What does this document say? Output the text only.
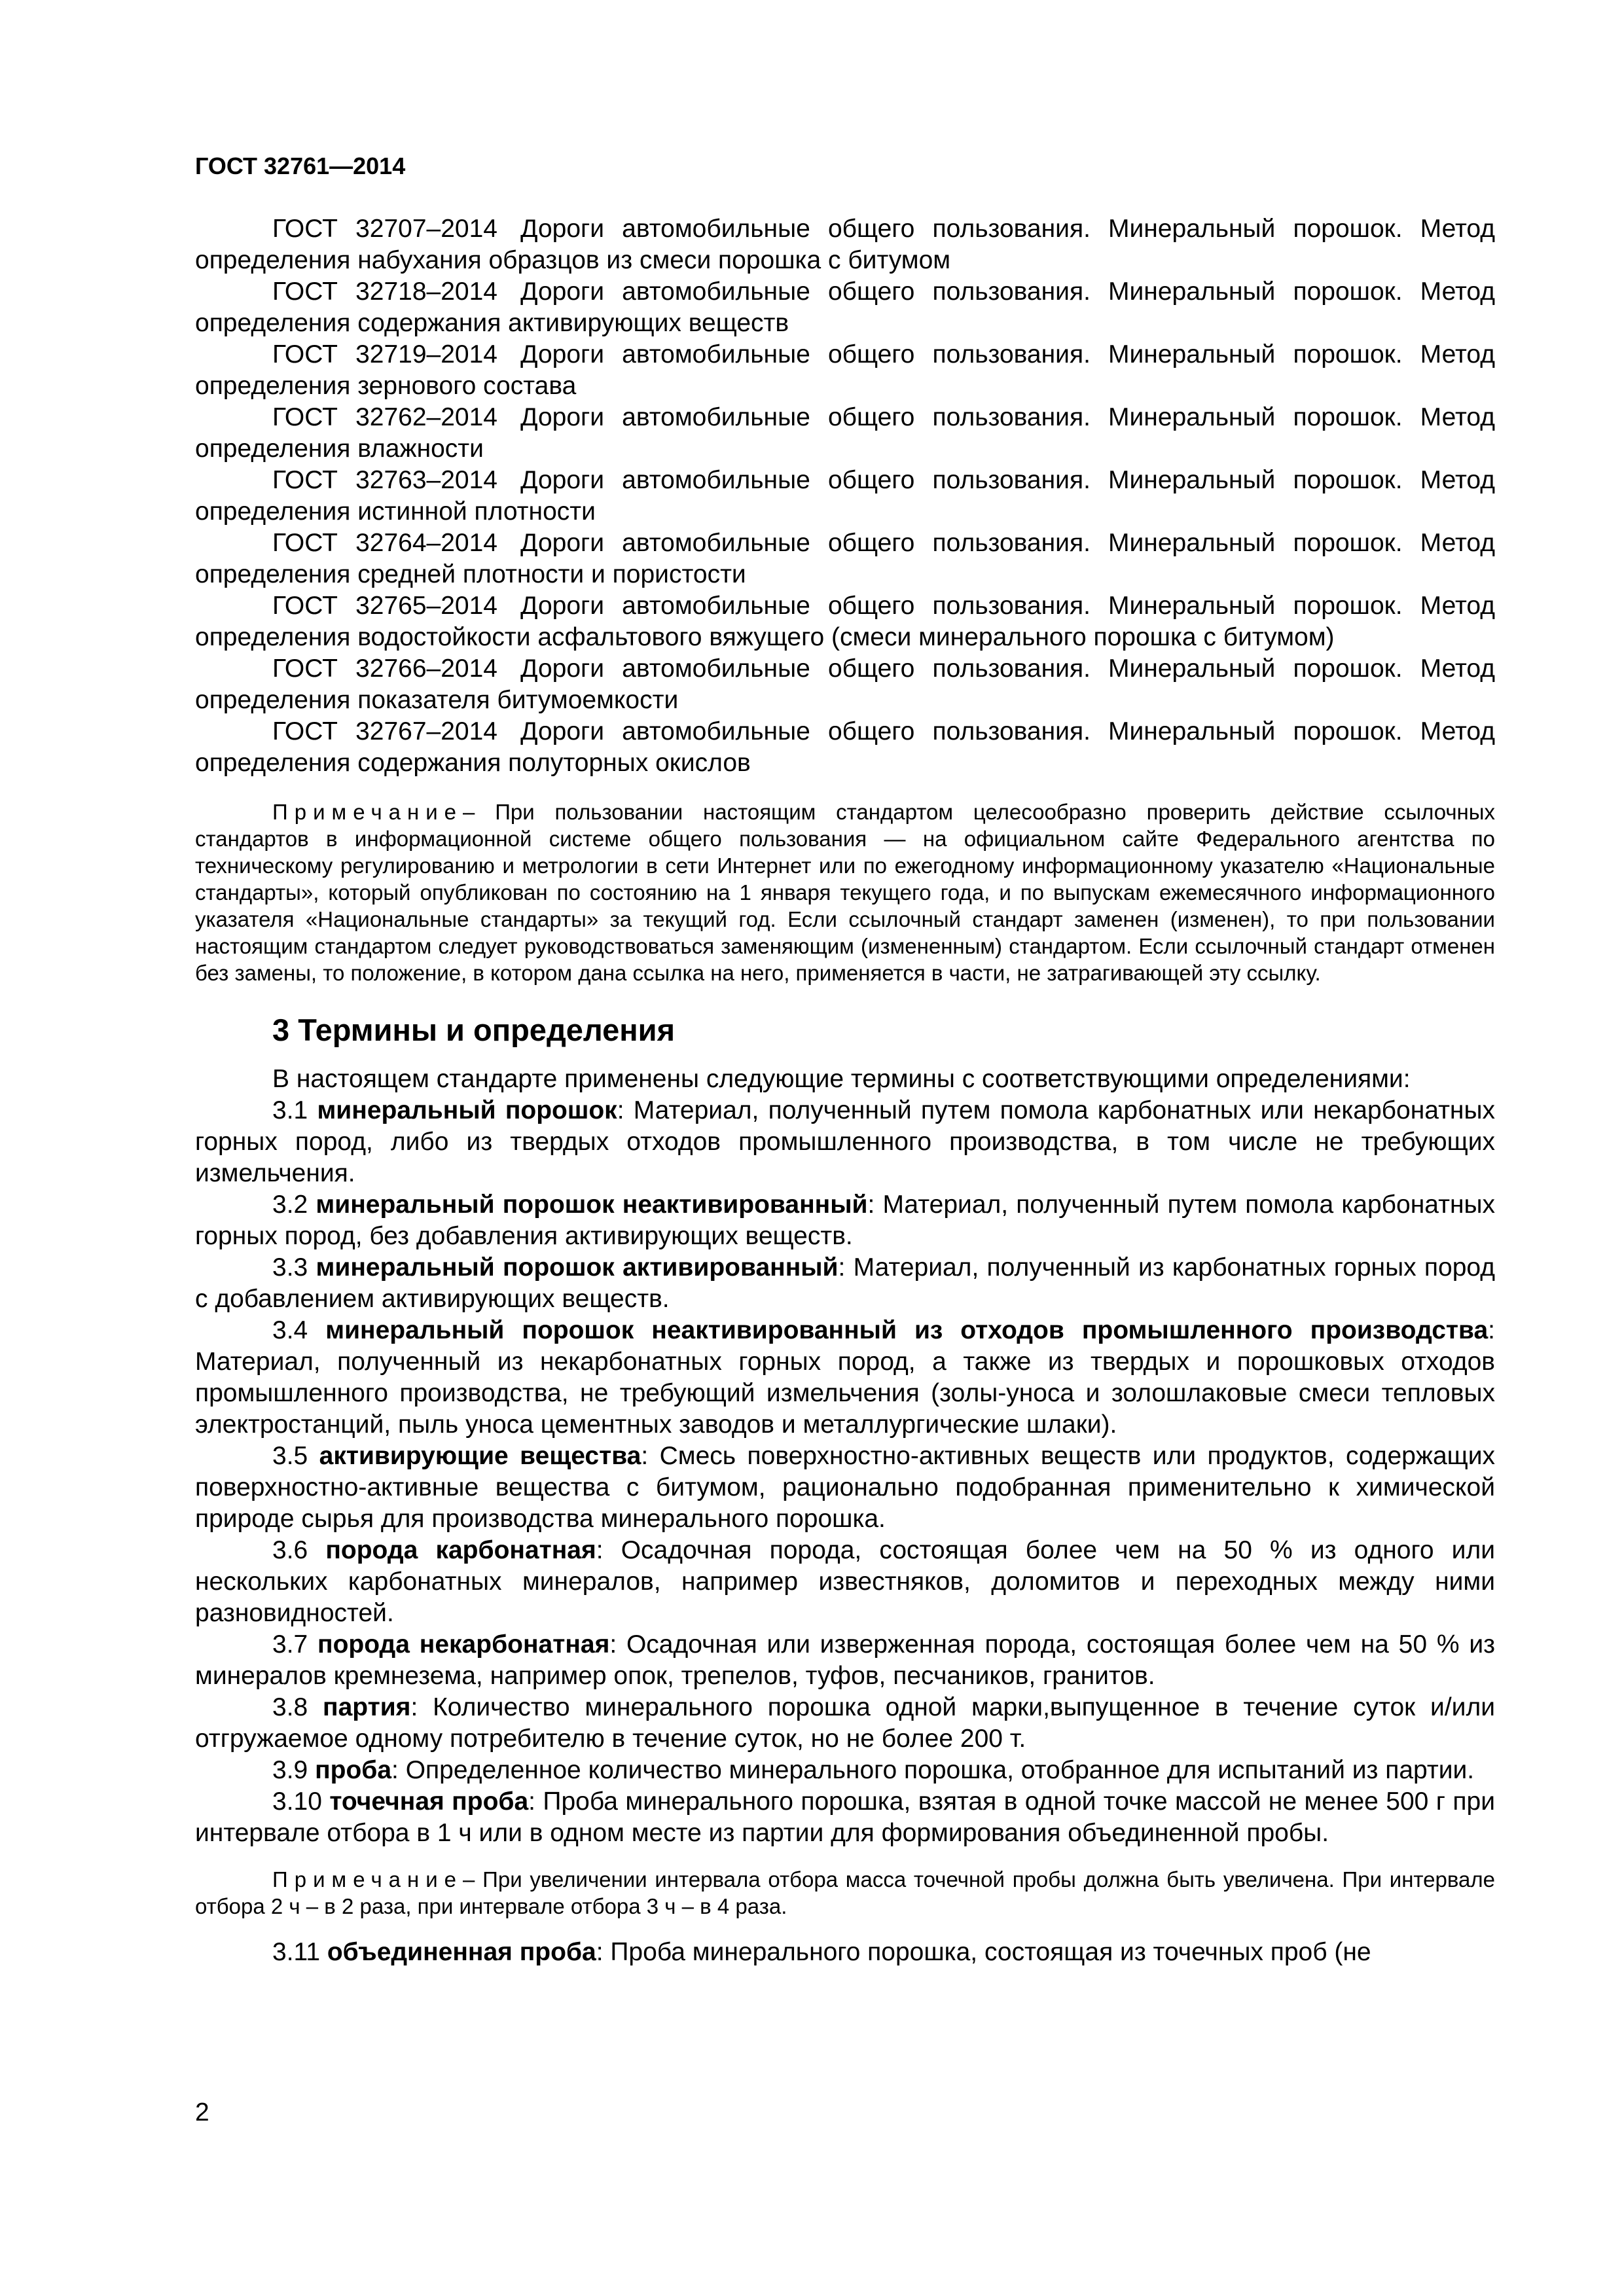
ГОСТ 32761—2014

ГОСТ 32707–2014 Дороги автомобильные общего пользования. Минеральный порошок. Метод определения набухания образцов из смеси порошка с битумом

ГОСТ 32718–2014 Дороги автомобильные общего пользования. Минеральный порошок. Метод определения содержания активирующих веществ

ГОСТ 32719–2014 Дороги автомобильные общего пользования. Минеральный порошок. Метод определения зернового состава

ГОСТ 32762–2014 Дороги автомобильные общего пользования. Минеральный порошок. Метод определения влажности

ГОСТ 32763–2014 Дороги автомобильные общего пользования. Минеральный порошок. Метод определения истинной плотности

ГОСТ 32764–2014 Дороги автомобильные общего пользования. Минеральный порошок. Метод определения средней плотности и пористости

ГОСТ 32765–2014 Дороги автомобильные общего пользования. Минеральный порошок. Метод определения водостойкости асфальтового вяжущего (смеси минерального порошка с битумом)

ГОСТ 32766–2014 Дороги автомобильные общего пользования. Минеральный порошок. Метод определения показателя битумоемкости

ГОСТ 32767–2014 Дороги автомобильные общего пользования. Минеральный порошок. Метод определения содержания полуторных окислов

Примечание– При пользовании настоящим стандартом целесообразно проверить действие ссылочных стандартов в информационной системе общего пользования — на официальном сайте Федерального агентства по техническому регулированию и метрологии в сети Интернет или по ежегодному информационному указателю «Национальные стандарты», который опубликован по состоянию на 1 января текущего года, и по выпускам ежемесячного информационного указателя «Национальные стандарты» за текущий год. Если ссылочный стандарт заменен (изменен), то при пользовании настоящим стандартом следует руководствоваться заменяющим (измененным) стандартом. Если ссылочный стандарт отменен без замены, то положение, в котором дана ссылка на него, применяется в части, не затрагивающей эту ссылку.

3 Термины и определения

В настоящем стандарте применены следующие термины с соответствующими определениями:

3.1 минеральный порошок: Материал, полученный путем помола карбонатных или некарбонатных горных пород, либо из твердых отходов промышленного производства, в том числе не требующих измельчения.

3.2 минеральный порошок неактивированный: Материал, полученный путем помола карбонатных горных пород, без добавления активирующих веществ.

3.3 минеральный порошок активированный: Материал, полученный из карбонатных горных пород с добавлением активирующих веществ.

3.4 минеральный порошок неактивированный из отходов промышленного производства: Материал, полученный из некарбонатных горных пород, а также из твердых и порошковых отходов промышленного производства, не требующий измельчения (золы-уноса и золошлаковые смеси тепловых электростанций, пыль уноса цементных заводов и металлургические шлаки).

3.5 активирующие вещества: Смесь поверхностно-активных веществ или продуктов, содержащих поверхностно-активные вещества с битумом, рационально подобранная применительно к химической природе сырья для производства минерального порошка.

3.6 порода карбонатная: Осадочная порода, состоящая более чем на 50 % из одного или нескольких карбонатных минералов, например известняков, доломитов и переходных между ними разновидностей.

3.7 порода некарбонатная: Осадочная или изверженная порода, состоящая более чем на 50 % из минералов кремнезема, например опок, трепелов, туфов, песчаников, гранитов.

3.8 партия: Количество минерального порошка одной марки,выпущенное в течение суток и/или отгружаемое одному потребителю в течение суток, но не более 200 т.

3.9 проба: Определенное количество минерального порошка, отобранное для испытаний из партии.

3.10 точечная проба: Проба минерального порошка, взятая в одной точке массой не менее 500 г при интервале отбора в 1 ч или в одном месте из партии для формирования объединенной пробы.

Примечание– При увеличении интервала отбора масса точечной пробы должна быть увеличена. При интервале отбора 2 ч – в 2 раза, при интервале отбора 3 ч – в 4 раза.

3.11 объединенная проба: Проба минерального порошка, состоящая из точечных проб (не

2
